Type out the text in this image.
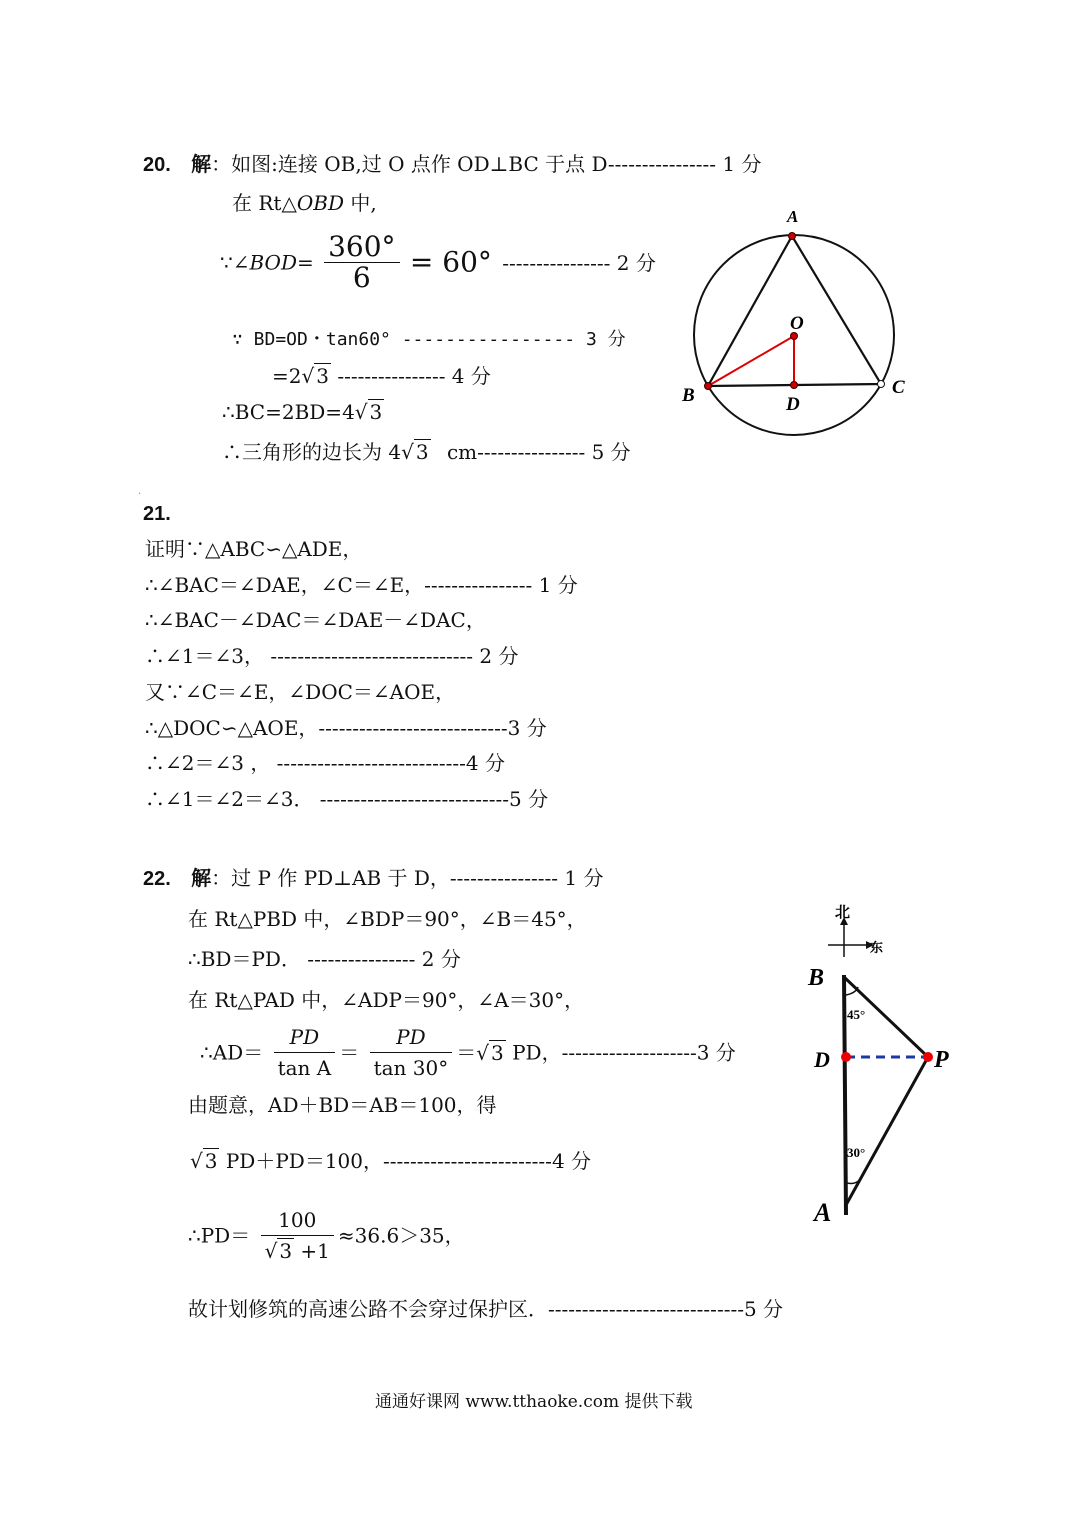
20. 解：如图:连接 OB,过 O 点作 OD⊥BC 于点 D---------------- 1 分
在 Rt△OBD 中,
∵∠BOD= $\frac{360^\circ}{6} = 60^\circ$ ---------------- 2 分
∵ BD=OD・tan60° ---------------- 3 分
=2√ 3 ---------------- 4 分
∴BC=2BD=4√ 3
∴三角形的边长为 4√ 3 cm---------------- 5 分
A
B	C
O
D
.
21.
证明∵△ABC∽△ADE，
∴∠BAC＝∠DAE，∠C＝∠E，---------------- 1 分
∴∠BAC－∠DAC＝∠DAE－∠DAC，
∴∠1＝∠3， ------------------------------ 2 分
又∵∠C＝∠E，∠DOC＝∠AOE，
∴△DOC∽△AOE，----------------------------3 分
∴∠2＝∠3 ， ----------------------------4 分
∴∠1＝∠2＝∠3． ----------------------------5 分
22. 解：过 P 作 PD⊥AB 于 D，---------------- 1 分
在 Rt△PBD 中，∠BDP＝90°，∠B＝45°，
∴BD＝PD． ---------------- 2 分
在 Rt△PAD 中，∠ADP＝90°，∠A＝30°，
∴AD＝ $\frac{PD}{\text{tan A}} = \frac{PD}{\tan 30^\circ}$ ＝√ 3 PD，--------------------3 分
由题意，AD＋BD＝AB＝100，得
√ 3 PD＋PD＝100，-------------------------4 分
∴PD＝ $\frac{100}{√ 3 +1} \approx 36.6>35$，
故计划修筑的高速公路不会穿过保护区．-----------------------------5 分
北
东
45°
30°
B
D	P
A
通通好课网 www.tthaoke.com 提供下载
